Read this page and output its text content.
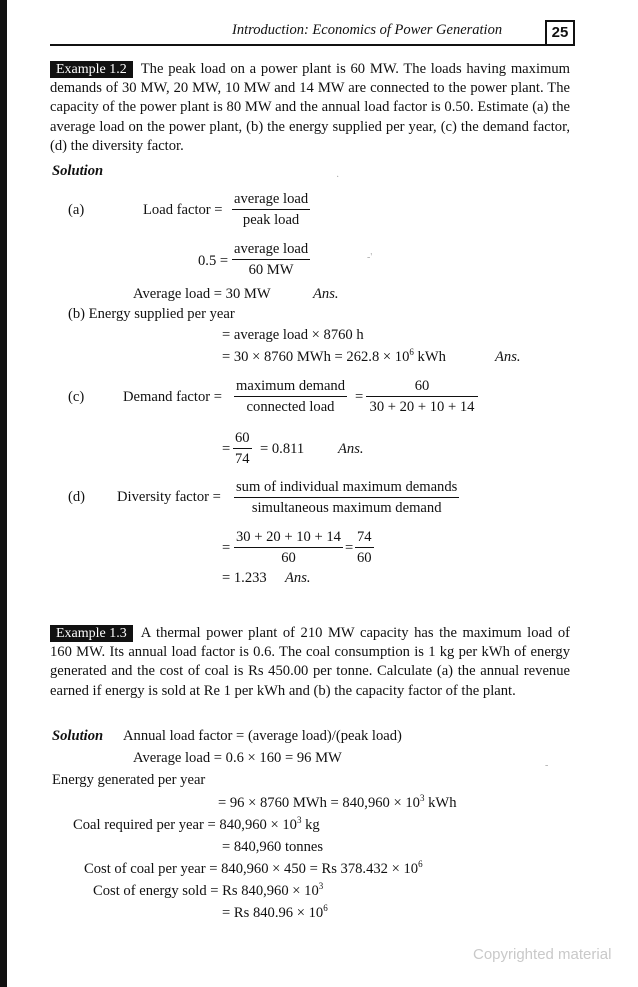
Introduction: Economics of Power Generation	25
Example 1.2 The peak load on a power plant is 60 MW. The loads having maximum demands of 30 MW, 20 MW, 10 MW and 14 MW are connected to the power plant. The capacity of the power plant is 80 MW and the annual load factor is 0.50. Estimate (a) the average load on the power plant, (b) the energy supplied per year, (c) the demand factor, (d) the diversity factor.
Solution
(a)	Load factor =
average load
peak load
0.5 =
average load
60 MW
Average load = 30 MW	Ans.
(b) Energy supplied per year
= average load × 8760 h
= 30 × 8760 MWh = $262.8 \times 10^6$ kWh	Ans.
(c)	Demand factor =
maximum demand
connected load
= $\frac{60}{30 + 20 + 10 + 14}$
= $\frac{60}{74} = 0.811$ Ans.
(d) Diversity factor =
sum of individual maximum demands
simultaneous maximum demand
= $\frac{30 + 20 + 10 + 14}{60} = \frac{74}{60}$
= 1.233 Ans.
Example 1.3 A thermal power plant of 210 MW capacity has the maximum load of 160 MW. Its annual load factor is 0.6. The coal consumption is 1 kg per kWh of energy generated and the cost of coal is Rs 450.00 per tonne. Calculate (a) the annual revenue earned if energy is sold at Re 1 per kWh and (b) the capacity factor of the plant.
Solution Annual load factor = (average load)/(peak load)
Average load = 0.6 × 160 = 96 MW
Energy generated per year
= 96 × 8760 MWh = $840,960 \times 10^3$ kWh
Coal required per year = $840,960 \times 10^3$ kg
= 840,960 tonnes
Cost of coal per year = 840,960 × 450 = Rs $378.432 \times 10^6$
Cost of energy sold = Rs $840,960 \times 10^3$
= Rs $840.96 \times 10^6$
·
-'
-
Copyrighted material
